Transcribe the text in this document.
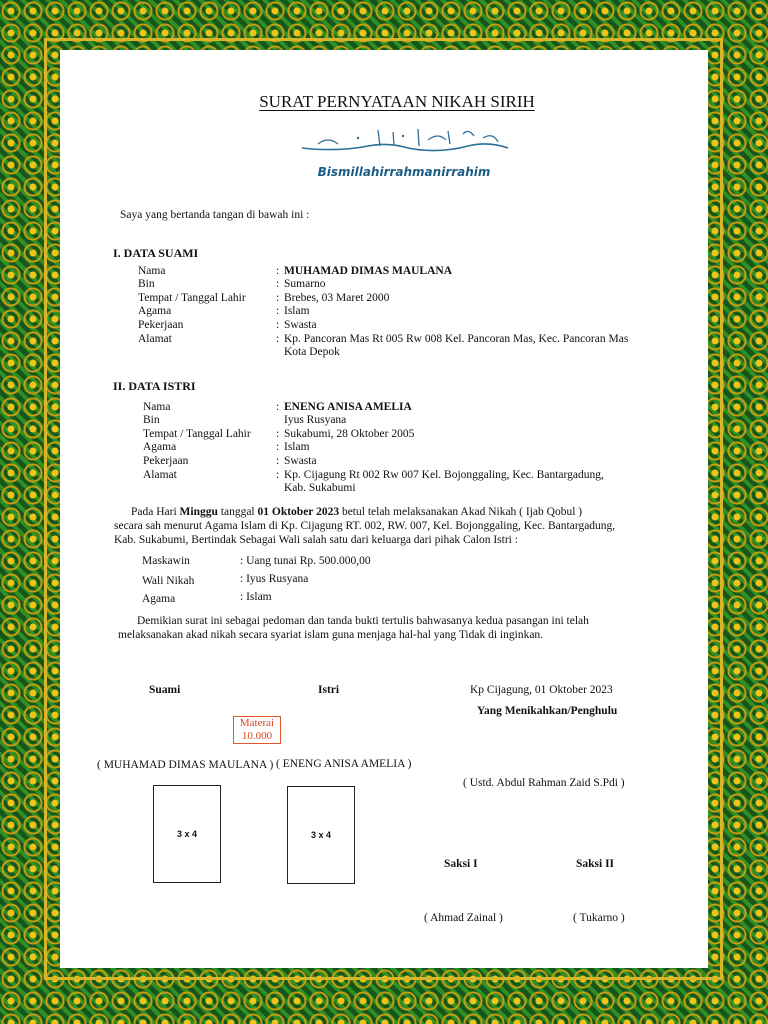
SURAT PERNYATAAN NIKAH SIRIH
Bismillahirrahmanirrahim
Saya yang bertanda tangan di bawah ini :
I. DATA SUAMI
Nama	: MUHAMAD DIMAS MAULANA
Bin	: Sumarno
Tempat / Tanggal Lahir	: Brebes, 03 Maret 2000
Agama	: Islam
Pekerjaan	: Swasta
Alamat	: Kp. Pancoran Mas Rt 005 Rw 008 Kel. Pancoran Mas, Kec. Pancoran Mas
Kota Depok
II. DATA ISTRI
Nama	: ENENG ANISA AMELIA
Bin	Iyus Rusyana
Tempat / Tanggal Lahir : Sukabumi, 28 Oktober 2005
Agama	: Islam
Pekerjaan	: Swasta
Alamat	: Kp. Cijagung Rt 002 Rw 007 Kel. Bojonggaling, Kec. Bantargadung,
Kab. Sukabumi
Pada Hari Minggu tanggal 01 Oktober 2023 betul telah melaksanakan Akad Nikah ( Ijab Qobul )
secara sah menurut Agama Islam di Kp. Cijagung RT. 002, RW. 007, Kel. Bojonggaling, Kec. Bantargadung,
Kab. Sukabumi, Bertindak Sebagai Wali salah satu dari keluarga dari pihak Calon Istri :
Maskawin	: Uang tunai Rp. 500.000,00
Wali Nikah	: Iyus Rusyana
Agama	: Islam
Demikian surat ini sebagai pedoman dan tanda bukti tertulis bahwasanya kedua pasangan ini telah
melaksanakan akad nikah secara syariat islam guna menjaga hal-hal yang Tidak di inginkan.
Suami	Istri	Kp Cijagung, 01 Oktober 2023
Yang Menikahkan/Penghulu
Materai
10.000
( MUHAMAD DIMAS MAULANA ) ( ENENG ANISA AMELIA )
( Ustd. Abdul Rahman Zaid S.Pdi )
3 x 4	3 x 4
Saksi I	Saksi II
( Ahmad Zainal )	( Tukarno )
